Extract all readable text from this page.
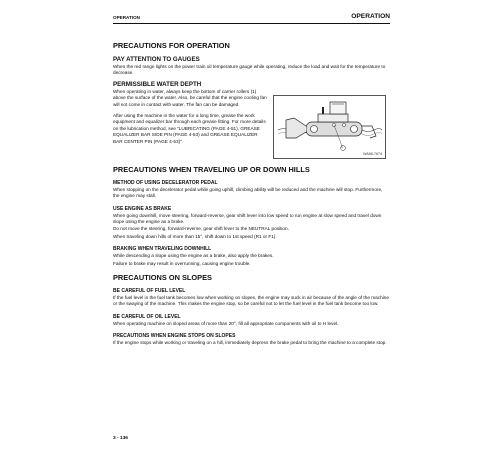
OPERATION	OPERATION
PRECAUTIONS FOR OPERATION
PAY ATTENTION TO GAUGES

When the red range lights on the power train oil temperature gauge while operating, reduce the load and wait for the temperature to decrease.

PERMISSIBLE WATER DEPTH

When operating in water, always keep the bottom of carrier rollers (1) above the surface of the water. Also, be careful that the engine cooling fan will not come in contact with water. The fan can be damaged.

After using the machine in the water for a long time, grease the work equipment and equalizer bar through each grease fitting. For more details on the lubrication method, see "LUBRICATING (PAGE 4-51), GREASE EQUALIZER BAR SIDE PIN (PAGE 4-53) and GREASE EQUALIZER BAR CENTER PIN (PAGE 4-53)".

1
WA58-7674
PRECAUTIONS WHEN TRAVELING UP OR DOWN HILLS
METHOD OF USING DECELERATOR PEDAL

When stopping on the decelerator pedal while going uphill, climbing ability will be reduced and the machine will stop. Furthermore, the engine may stall.

USE ENGINE AS BRAKE

When going downhill, move steering, forward-reverse, gear shift lever into low speed to run engine at slow speed and travel down slope using the engine as a brake.

Do not move the steering, forward-reverse, gear shift lever to the NEUTRAL position.

When traveling down hills of more than 15°, shift down to 1st speed (R1 or F1).

BRAKING WHEN TRAVELING DOWNHILL

While descending a slope using the engine as a brake, also apply the brakes.

Failure to brake may result in overrunning, causing engine trouble.

PRECAUTIONS ON SLOPES
BE CAREFUL OF FUEL LEVEL

If the fuel level in the fuel tank becomes low when working on slopes, the engine may suck in air because of the angle of the machine or the swaying of the machine. This makes the engine stop, so be careful not to let the fuel level in the fuel tank become too low.

BE CAREFUL OF OIL LEVEL

When operating machine on sloped areas of more than 20°, fill all appropriate components with oil to H level.

PRECAUTIONS WHEN ENGINE STOPS ON SLOPES

If the engine stops while working or traveling on a hill, immediately depress the brake pedal to bring the machine to a complete stop.

3 - 136
